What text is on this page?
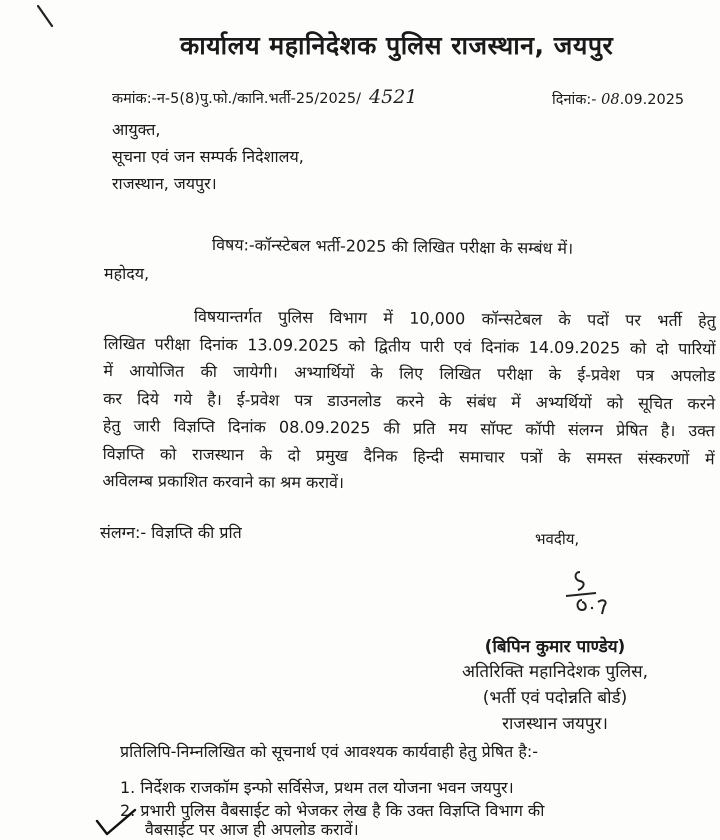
कार्यालय महानिदेशक पुलिस राजस्थान, जयपुर
कमांक:-न-5(8)पु.फो./कानि.भर्ती-25/2025/ 4521	दिनांक:- 08.09.2025
आयुक्त,
सूचना एवं जन सम्पर्क निदेशालय,
राजस्थान, जयपुर।
विषय:-कॉन्स्टेबल भर्ती-2025 की लिखित परीक्षा के सम्बंध में।
महोदय,
विषयान्तर्गत पुलिस विभाग में 10,000 कॉन्सटेबल के पदों पर भर्ती हेतु
लिखित परीक्षा दिनांक 13.09.2025 को द्वितीय पारी एवं दिनांक 14.09.2025 को दो पारियों
में आयोजित की जायेगी। अभ्यार्थियों के लिए लिखित परीक्षा के ई-प्रवेश पत्र अपलोड
कर दिये गये है। ई-प्रवेश पत्र डाउनलोड करने के संबंध में अभ्यर्थियों को सूचित करने
हेतु जारी विज्ञप्ति दिनांक 08.09.2025 की प्रति मय सॉफ्ट कॉपी संलग्न प्रेषित है। उक्त
विज्ञप्ति को राजस्थान के दो प्रमुख दैनिक हिन्दी समाचार पत्रों के समस्त संस्करणों में
अविलम्ब प्रकाशित करवाने का श्रम करावें।
संलग्न:- विज्ञप्ति की प्रति	भवदीय,
(बिपिन कुमार पाण्डेय)
अतिरिक्ति महानिदेशक पुलिस,
(भर्ती एवं पदोन्नति बोर्ड)
राजस्थान जयपुर।
प्रतिलिपि-निम्नलिखित को सूचनार्थ एवं आवश्यक कार्यवाही हेतु प्रेषित है:-
1. निर्देशक राजकॉम इन्फो सर्विसेज, प्रथम तल योजना भवन जयपुर।
2. प्रभारी पुलिस वैबसाईट को भेजकर लेख है कि उक्त विज्ञप्ति विभाग की
वैबसाईट पर आज ही अपलोड करावें।
